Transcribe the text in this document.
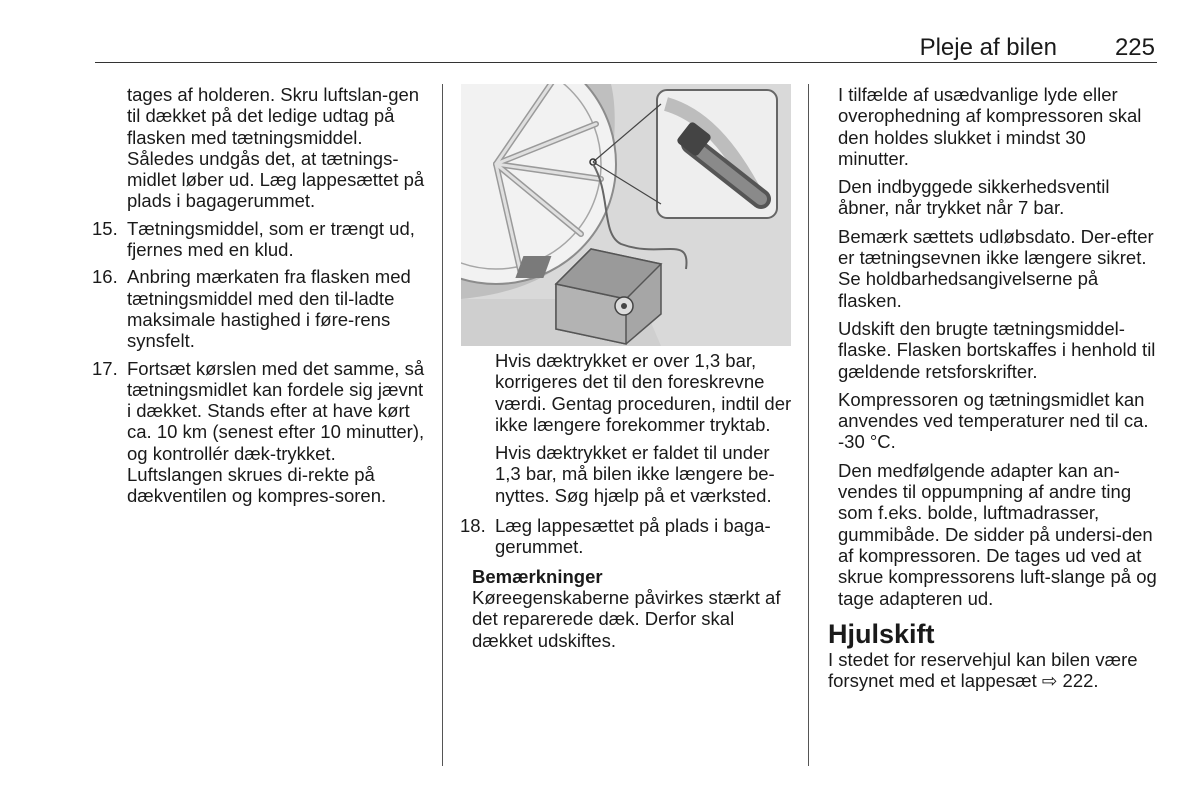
Pleje af bilen 225

tages af holderen. Skru luftslan-gen til dækket på det ledige udtag på flasken med tætningsmiddel. Således undgås det, at tætnings-midlet løber ud. Læg lappesættet på plads i bagagerummet.

15. Tætningsmiddel, som er trængt ud, fjernes med en klud.

16. Anbring mærkaten fra flasken med tætningsmiddel med den til-ladte maksimale hastighed i føre-rens synsfelt.

17. Fortsæt kørslen med det samme, så tætningsmidlet kan fordele sig jævnt i dækket. Stands efter at have kørt ca. 10 km (senest efter 10 minutter), og kontrollér dæk-trykket. Luftslangen skrues di-rekte på dækventilen og kompres-soren.

Hvis dæktrykket er over 1,3 bar, korrigeres det til den foreskrevne værdi. Gentag proceduren, indtil der ikke længere forekommer tryktab.

Hvis dæktrykket er faldet til under 1,3 bar, må bilen ikke længere be-nyttes. Søg hjælp på et værksted.

18. Læg lappesættet på plads i baga-gerummet.

Bemærkninger

Køreegenskaberne påvirkes stærkt af det reparerede dæk. Derfor skal dækket udskiftes.

I tilfælde af usædvanlige lyde eller overophedning af kompressoren skal den holdes slukket i mindst 30 minutter.

Den indbyggede sikkerhedsventil åbner, når trykket når 7 bar.

Bemærk sættets udløbsdato. Der-efter er tætningsevnen ikke længere sikret. Se holdbarhedsangivelserne på flasken.

Udskift den brugte tætningsmiddel-flaske. Flasken bortskaffes i henhold til gældende retsforskrifter.

Kompressoren og tætningsmidlet kan anvendes ved temperaturer ned til ca. -30 °C.

Den medfølgende adapter kan an-vendes til oppumpning af andre ting som f.eks. bolde, luftmadrasser, gummibåde. De sidder på undersi-den af kompressoren. De tages ud ved at skrue kompressorens luft-slange på og tage adapteren ud.

Hjulskift

I stedet for reservehjul kan bilen være forsynet med et lappesæt ⇨ 222.
